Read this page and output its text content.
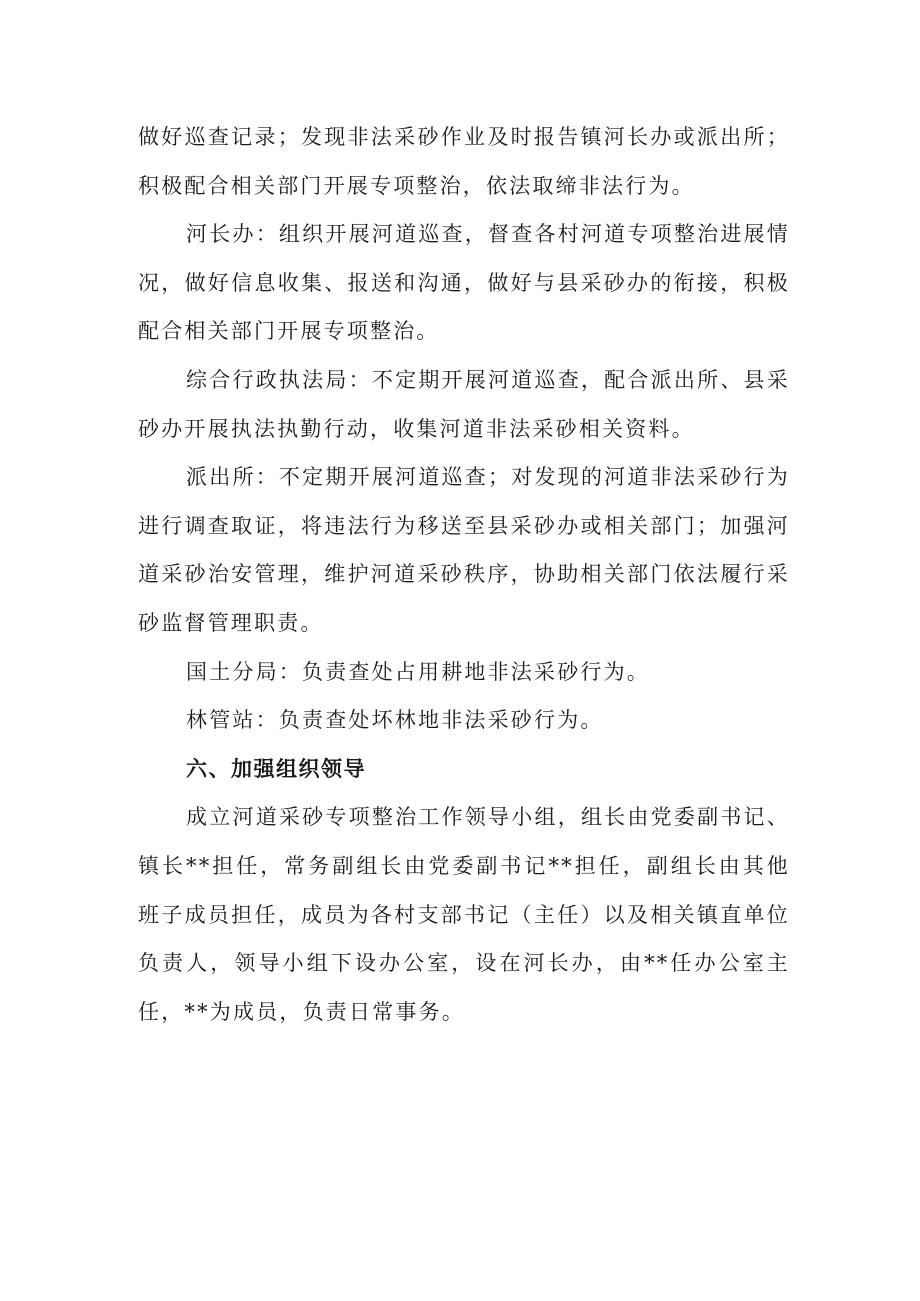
做好巡查记录；发现非法采砂作业及时报告镇河长办或派出所；积极配合相关部门开展专项整治，依法取缔非法行为。

河长办：组织开展河道巡查，督查各村河道专项整治进展情况，做好信息收集、报送和沟通，做好与县采砂办的衔接，积极配合相关部门开展专项整治。

综合行政执法局：不定期开展河道巡查，配合派出所、县采砂办开展执法执勤行动，收集河道非法采砂相关资料。

派出所：不定期开展河道巡查；对发现的河道非法采砂行为进行调查取证，将违法行为移送至县采砂办或相关部门；加强河道采砂治安管理，维护河道采砂秩序，协助相关部门依法履行采砂监督管理职责。

国土分局：负责查处占用耕地非法采砂行为。

林管站：负责查处坏林地非法采砂行为。

六、加强组织领导

成立河道采砂专项整治工作领导小组，组长由党委副书记、镇长**担任，常务副组长由党委副书记**担任，副组长由其他班子成员担任，成员为各村支部书记（主任）以及相关镇直单位负责人，领导小组下设办公室，设在河长办，由**任办公室主任，**为成员，负责日常事务。
